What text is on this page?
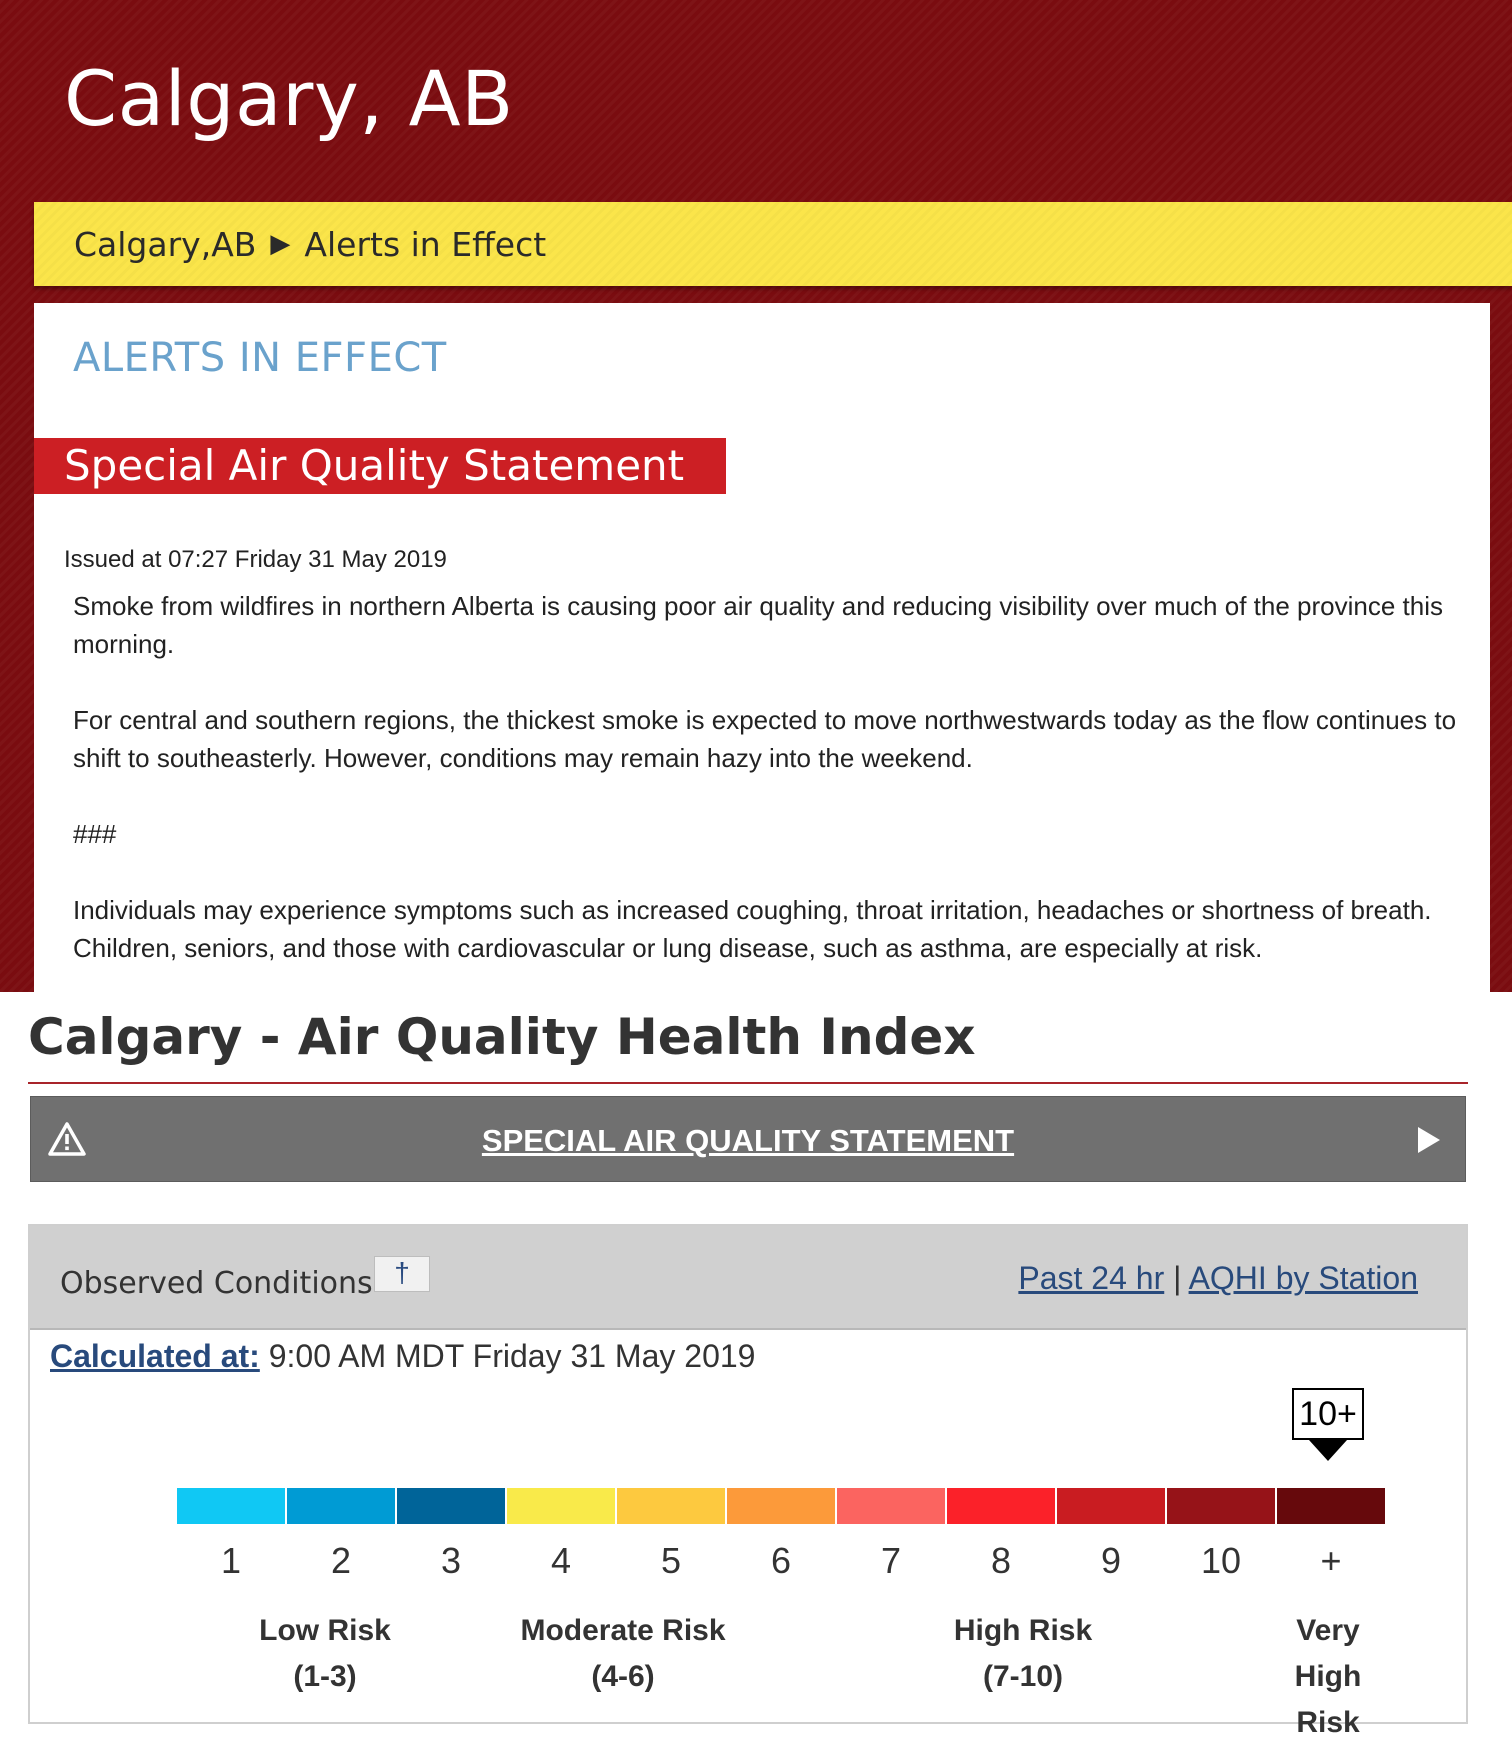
Calgary, AB
Calgary,AB ▶ Alerts in Effect
ALERTS IN EFFECT
Special Air Quality Statement
Issued at 07:27 Friday 31 May 2019

Smoke from wildfires in northern Alberta is causing poor air quality and reducing visibility over much of the province this morning.

For central and southern regions, the thickest smoke is expected to move northwestwards today as the flow continues to shift to southeasterly. However, conditions may remain hazy into the weekend.

###

Individuals may experience symptoms such as increased coughing, throat irritation, headaches or shortness of breath. Children, seniors, and those with cardiovascular or lung disease, such as asthma, are especially at risk.

Calgary - Air Quality Health Index
SPECIAL AIR QUALITY STATEMENT
Observed Conditions †	Past 24 hr | AQHI by Station
Calculated at: 9:00 AM MDT Friday 31 May 2019
10+
1	2	3	4	5	6	7	8	9	10	+
Low Risk
(1-3)
Moderate Risk
(4-6)
High Risk
(7-10)
Very
High
Risk
